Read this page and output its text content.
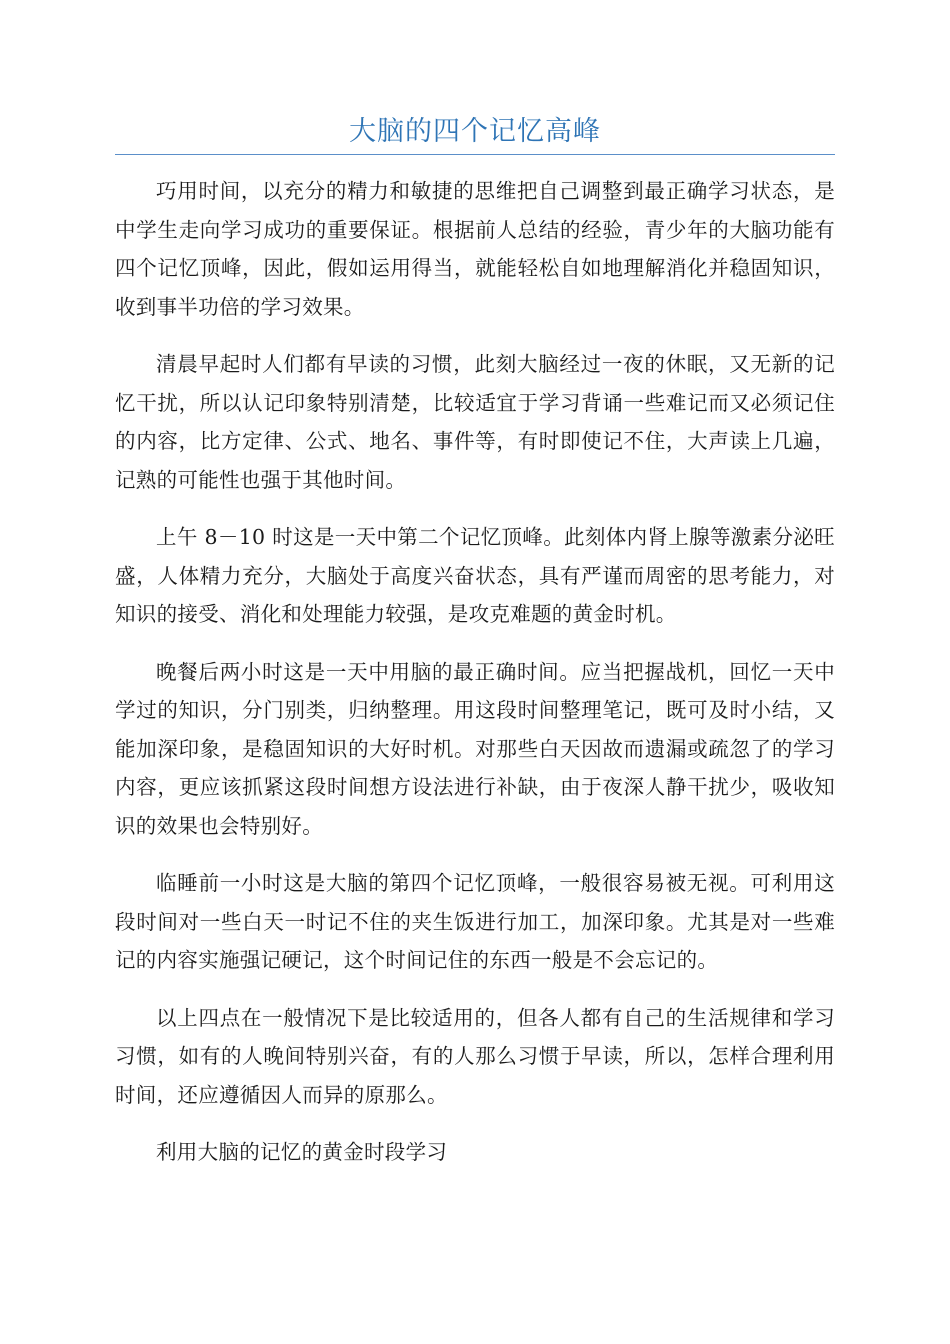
大脑的四个记忆高峰

巧用时间，以充分的精力和敏捷的思维把自己调整到最正确学习状态，是中学生走向学习成功的重要保证。根据前人总结的经验，青少年的大脑功能有四个记忆顶峰，因此，假如运用得当，就能轻松自如地理解消化并稳固知识，收到事半功倍的学习效果。

清晨早起时人们都有早读的习惯，此刻大脑经过一夜的休眠，又无新的记忆干扰，所以认记印象特别清楚，比较适宜于学习背诵一些难记而又必须记住的内容，比方定律、公式、地名、事件等，有时即使记不住，大声读上几遍，记熟的可能性也强于其他时间。

上午 8－10 时这是一天中第二个记忆顶峰。此刻体内肾上腺等激素分泌旺盛，人体精力充分，大脑处于高度兴奋状态，具有严谨而周密的思考能力，对知识的接受、消化和处理能力较强，是攻克难题的黄金时机。

晚餐后两小时这是一天中用脑的最正确时间。应当把握战机，回忆一天中学过的知识，分门别类，归纳整理。用这段时间整理笔记，既可及时小结，又能加深印象，是稳固知识的大好时机。对那些白天因故而遗漏或疏忽了的学习内容，更应该抓紧这段时间想方设法进行补缺，由于夜深人静干扰少，吸收知识的效果也会特别好。

临睡前一小时这是大脑的第四个记忆顶峰，一般很容易被无视。可利用这段时间对一些白天一时记不住的夹生饭进行加工，加深印象。尤其是对一些难记的内容实施强记硬记，这个时间记住的东西一般是不会忘记的。

以上四点在一般情况下是比较适用的，但各人都有自己的生活规律和学习习惯，如有的人晚间特别兴奋，有的人那么习惯于早读，所以，怎样合理利用时间，还应遵循因人而异的原那么。

利用大脑的记忆的黄金时段学习
